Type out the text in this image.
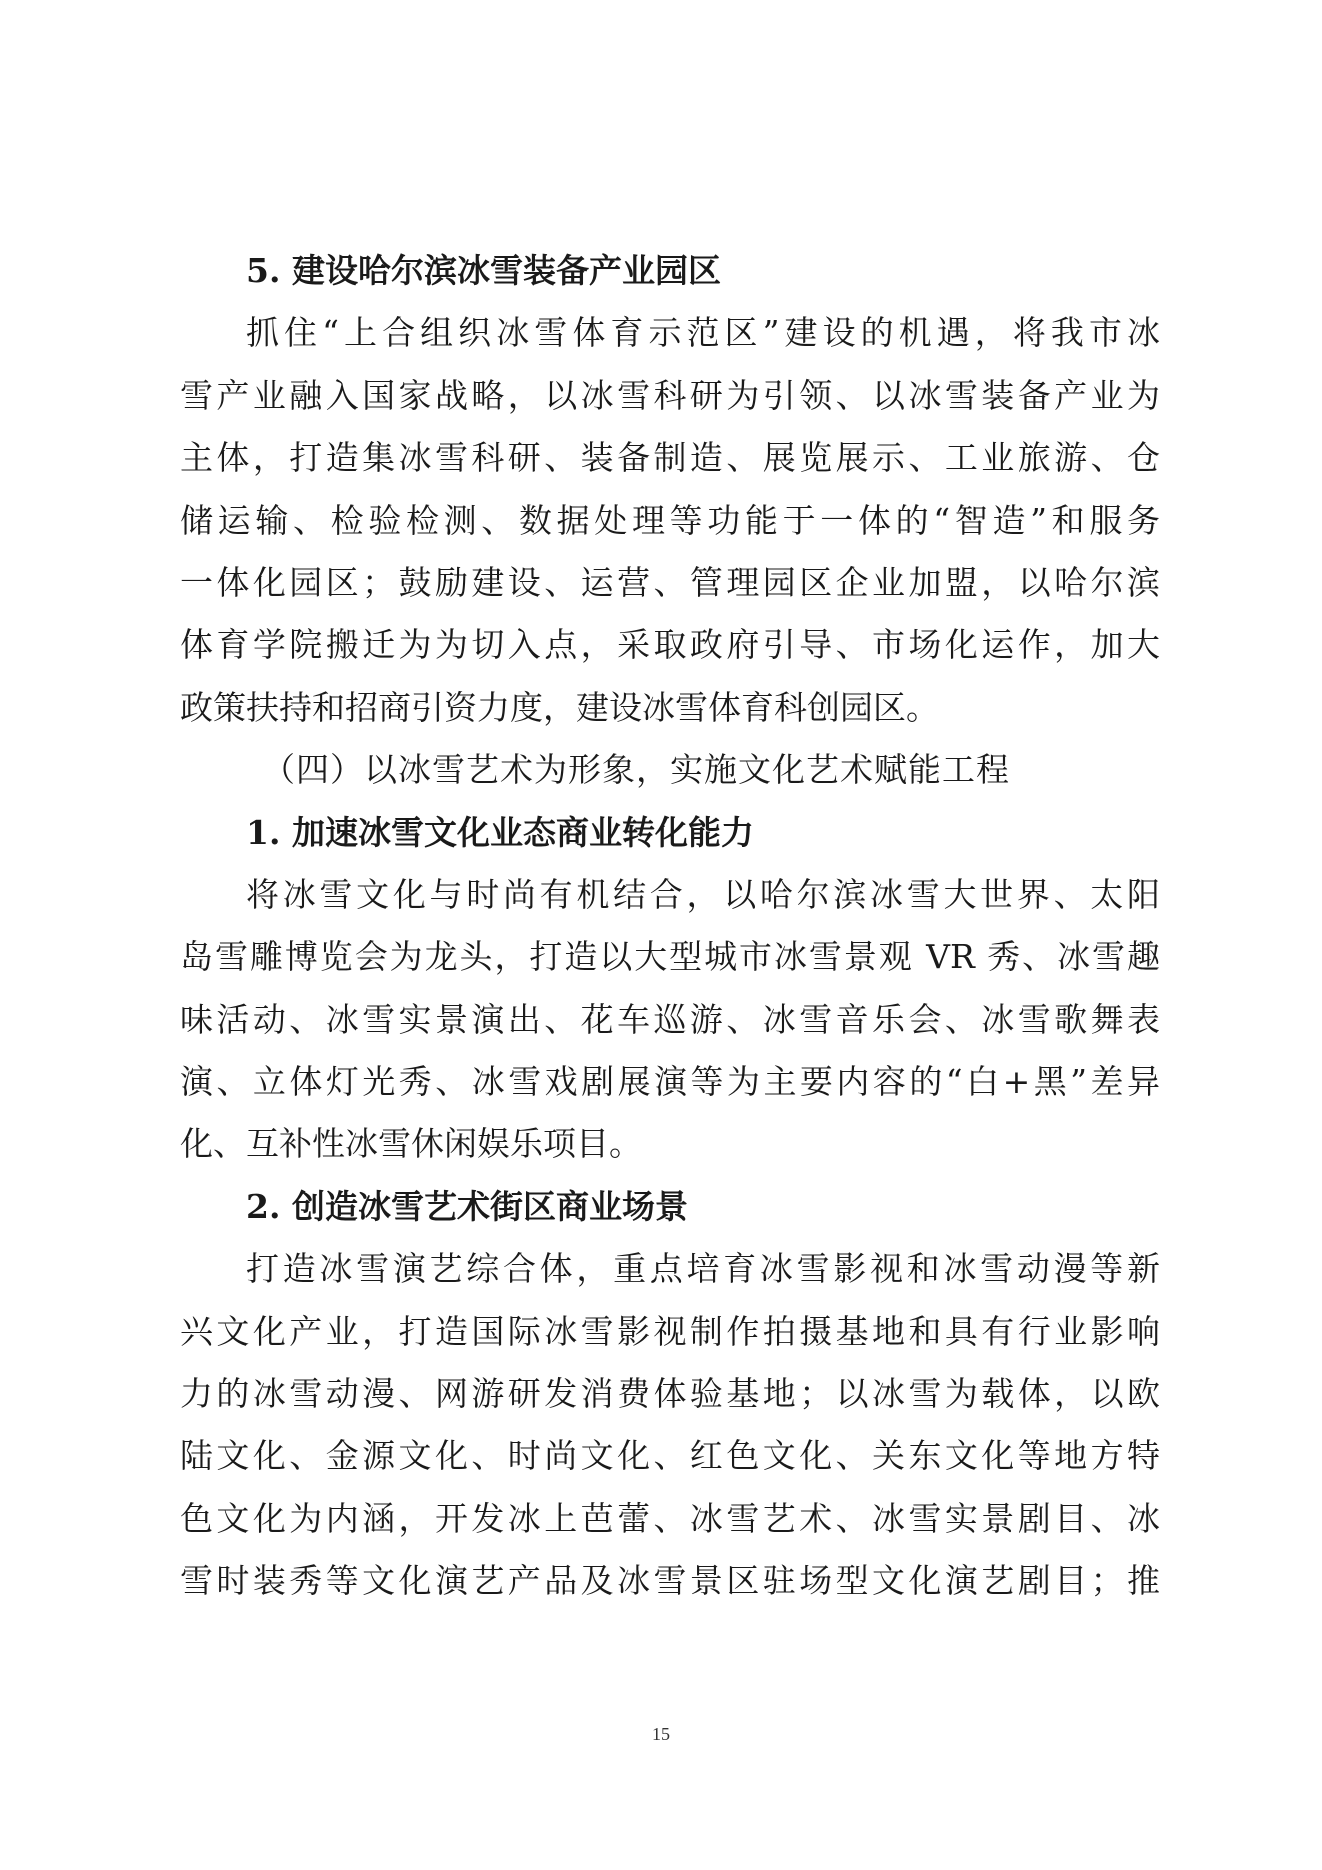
5. 建设哈尔滨冰雪装备产业园区
抓住“上合组织冰雪体育示范区”建设的机遇，将我市冰
雪产业融入国家战略，以冰雪科研为引领、以冰雪装备产业为
主体，打造集冰雪科研、装备制造、展览展示、工业旅游、仓
储运输、检验检测、数据处理等功能于一体的“智造”和服务
一体化园区；鼓励建设、运营、管理园区企业加盟，以哈尔滨
体育学院搬迁为为切入点，采取政府引导、市场化运作，加大
政策扶持和招商引资力度，建设冰雪体育科创园区。
（四）以冰雪艺术为形象，实施文化艺术赋能工程
1. 加速冰雪文化业态商业转化能力
将冰雪文化与时尚有机结合，以哈尔滨冰雪大世界、太阳
岛雪雕博览会为龙头，打造以大型城市冰雪景观 VR 秀、冰雪趣
味活动、冰雪实景演出、花车巡游、冰雪音乐会、冰雪歌舞表
演、立体灯光秀、冰雪戏剧展演等为主要内容的“白+黑”差异
化、互补性冰雪休闲娱乐项目。
2. 创造冰雪艺术街区商业场景
打造冰雪演艺综合体，重点培育冰雪影视和冰雪动漫等新
兴文化产业，打造国际冰雪影视制作拍摄基地和具有行业影响
力的冰雪动漫、网游研发消费体验基地；以冰雪为载体，以欧
陆文化、金源文化、时尚文化、红色文化、关东文化等地方特
色文化为内涵，开发冰上芭蕾、冰雪艺术、冰雪实景剧目、冰
雪时装秀等文化演艺产品及冰雪景区驻场型文化演艺剧目；推
15
